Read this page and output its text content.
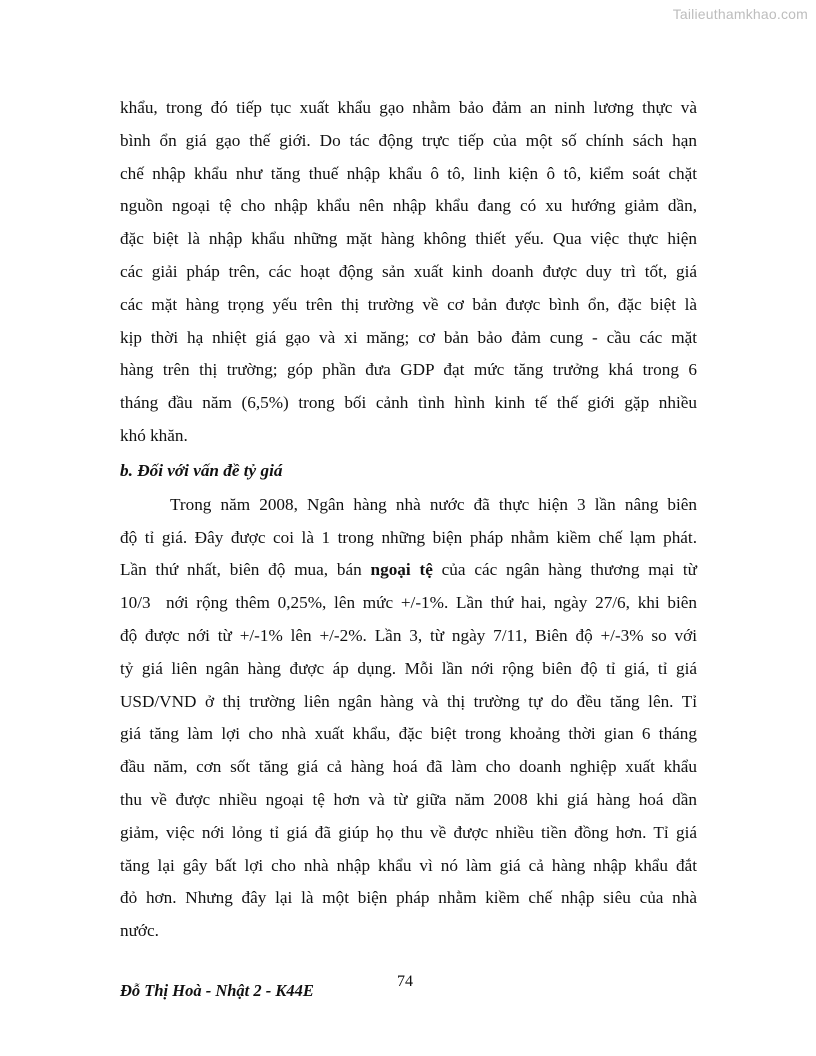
Tailieuthamkhao.com
khẩu, trong đó tiếp tục xuất khẩu gạo nhằm bảo đảm an ninh lương thực và
bình ổn giá gạo thế giới. Do tác động trực tiếp của một số chính sách hạn
chế nhập khẩu như tăng thuế nhập khẩu ô tô, linh kiện ô tô, kiểm soát chặt
nguồn ngoại tệ cho nhập khẩu nên nhập khẩu đang có xu hướng giảm dần,
đặc biệt là nhập khẩu những mặt hàng không thiết yếu. Qua việc thực hiện
các giải pháp trên, các hoạt động sản xuất kinh doanh được duy trì tốt, giá
các mặt hàng trọng yếu trên thị trường về cơ bản được bình ổn, đặc biệt là
kịp thời hạ nhiệt giá gạo và xi măng; cơ bản bảo đảm cung - cầu các mặt
hàng trên thị trường; góp phần đưa GDP đạt mức tăng trưởng khá trong 6
tháng đầu năm (6,5%) trong bối cảnh tình hình kinh tế thế giới gặp nhiều
khó khăn.
b. Đối với vấn đề tỷ giá
Trong năm 2008, Ngân hàng nhà nước đã thực hiện 3 lần nâng biên
độ tỉ giá. Đây được coi là 1 trong những biện pháp nhằm kiềm chế lạm phát.
Lần thứ nhất, biên độ mua, bán ngoại tệ của các ngân hàng thương mại từ
10/3  nới rộng thêm 0,25%, lên mức +/-1%. Lần thứ hai, ngày 27/6, khi biên
độ được nới từ +/-1% lên +/-2%. Lần 3, từ ngày 7/11, Biên độ +/-3% so với
tỷ giá liên ngân hàng được áp dụng. Mỗi lần nới rộng biên độ tỉ giá, tỉ giá
USD/VND ở thị trường liên ngân hàng và thị trường tự do đều tăng lên. Tỉ
giá tăng làm lợi cho nhà xuất khẩu, đặc biệt trong khoảng thời gian 6 tháng
đầu năm, cơn sốt tăng giá cả hàng hoá đã làm cho doanh nghiệp xuất khẩu
thu về được nhiều ngoại tệ hơn và từ giữa năm 2008 khi giá hàng hoá dần
giảm, việc nới lỏng tỉ giá đã giúp họ thu về được nhiều tiền đồng hơn. Tỉ giá
tăng lại gây bất lợi cho nhà nhập khẩu vì nó làm giá cả hàng nhập khẩu đắt
đỏ hơn. Nhưng đây lại là một biện pháp nhằm kiềm chế nhập siêu của nhà
nước.
74
Đỗ Thị Hoà - Nhật 2 - K44E
